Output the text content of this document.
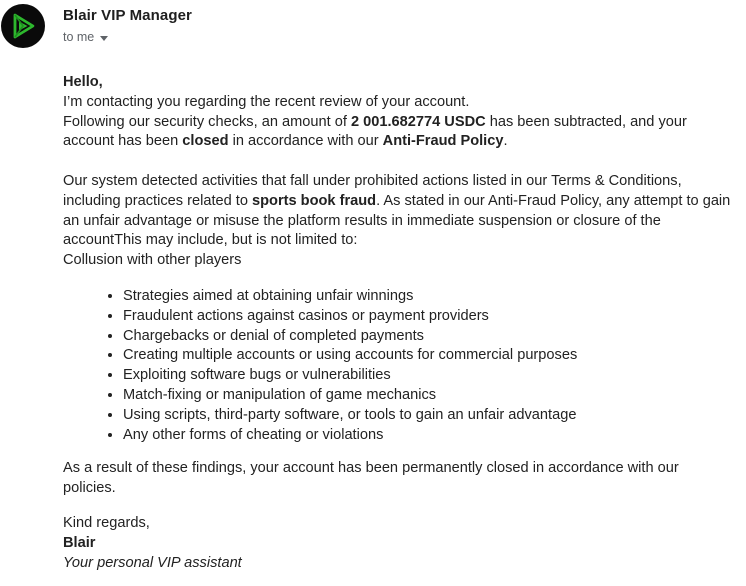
Blair VIP Manager
to me

Hello,

I’m contacting you regarding the recent review of your account.

Following our security checks, an amount of 2 001.682774 USDC has been subtracted, and your account has been closed in accordance with our Anti-Fraud Policy.

Our system detected activities that fall under prohibited actions listed in our Terms & Conditions, including practices related to sports book fraud. As stated in our Anti-Fraud Policy, any attempt to gain an unfair advantage or misuse the platform results in immediate suspension or closure of the accountThis may include, but is not limited to:

Collusion with other players

• Strategies aimed at obtaining unfair winnings
• Fraudulent actions against casinos or payment providers
• Chargebacks or denial of completed payments
• Creating multiple accounts or using accounts for commercial purposes
• Exploiting software bugs or vulnerabilities
• Match-fixing or manipulation of game mechanics
• Using scripts, third-party software, or tools to gain an unfair advantage
• Any other forms of cheating or violations

As a result of these findings, your account has been permanently closed in accordance with our policies.

Kind regards,

Blair

Your personal VIP assistant
